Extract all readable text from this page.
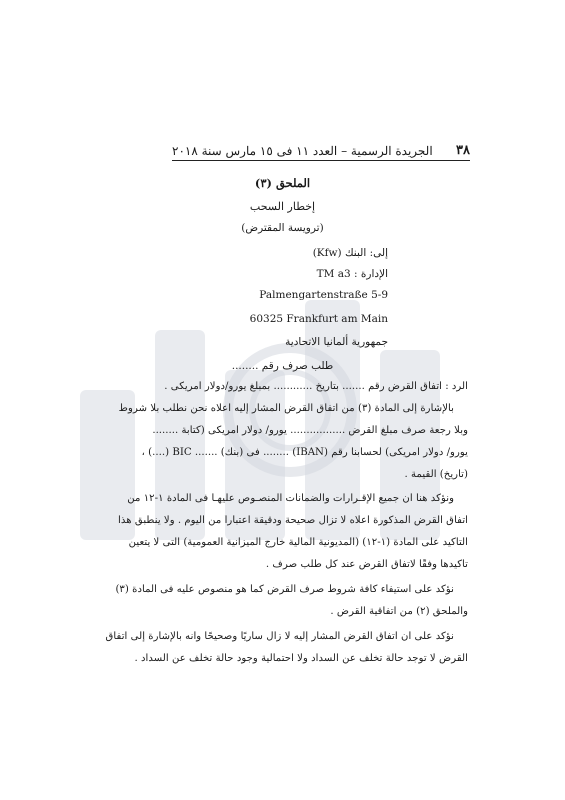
٣٨
الجريدة الرسمية – العدد ١١ فى ١٥ مارس سنة ٢٠١٨
الملحق (٣)
إخطار السحب
(ترويسة المقترض)
إلى: البنك (Kfw)
الإدارة : TM a3
Palmengartenstraße 5-9
60325 Frankfurt am Main
جمهورية ألمانيا الاتحادية
طلب صرف رقم ........
الرد : اتفاق القرض رقم ....... بتاريخ ............ بمبلغ يورو/دولار أمريكى .
بالإشارة إلى المادة (٣) من اتفاق القرض المشار إليه أعلاه نحن نطلب بلا شروط
وبلا رجعة صرف مبلغ القرض ................. يورو/ دولار أمريكى (كتابة ........
يورو/ دولار أمريكى) لحسابنا رقم (IBAN) ........ فى (بنك) ....... BIC (....) ،
(تاريخ) القيمة .
ونؤكد هنا أن جميع الإقـرارات والضمانات المنصـوص عليهـا فى المادة ١-١٢ من
اتفاق القرض المذكورة أعلاه لا تزال صحيحة ودقيقة اعتباراً من اليوم . ولا ينطبق هذا
التأكيد على المادة (١-١٢) (المديونية المالية خارج الميزانية العمومية) التى لا يتعين
تأكيدها وفقًا لاتفاق القرض عند كل طلب صرف .
نؤكد على استيفاء كافة شروط صرف القرض كما هو منصوص عليه فى المادة (٣)
والملحق (٢) من اتفاقية القرض .
نؤكد على أن اتفاق القرض المشار إليه لا زال ساريًا وصحيحًا وأنه بالإشارة إلى اتفاق
القرض لا توجد حالة تخلف عن السداد ولا احتمالية وجود حالة تخلف عن السداد .
